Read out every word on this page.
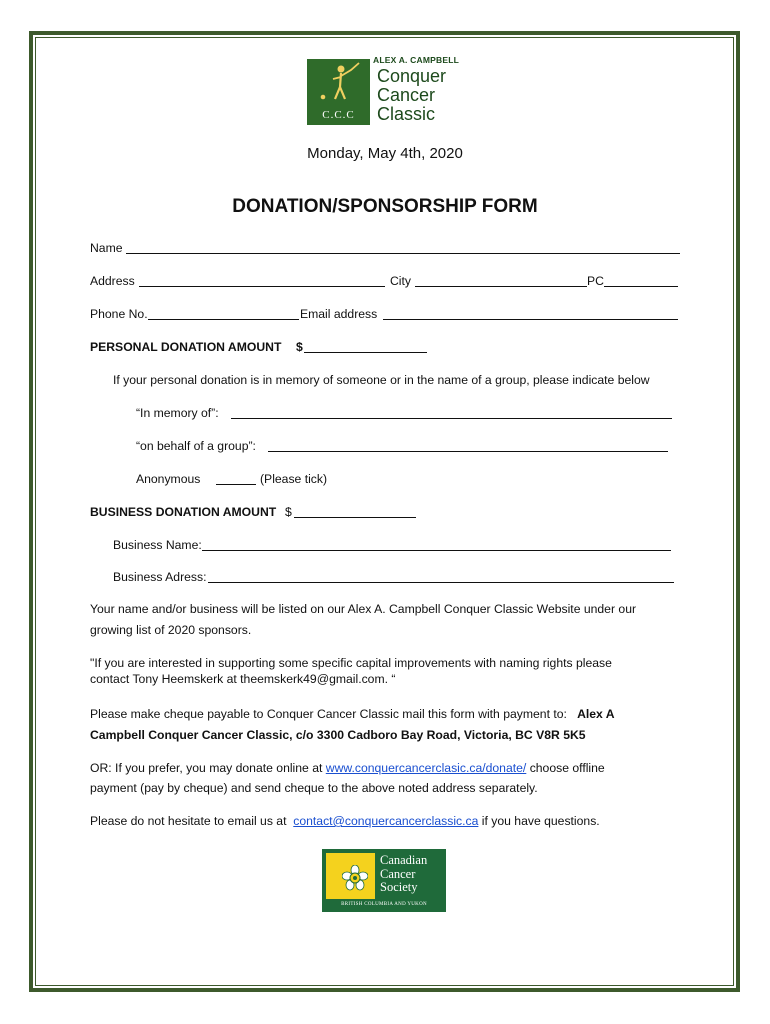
C.C.C
ALEX A. CAMPBELL
Conquer
Cancer
Classic
Monday, May 4th, 2020
DONATION/SPONSORSHIP FORM
Name
Address	City	PC
Phone No.	Email address
PERSONAL DONATION AMOUNT $
If your personal donation is in memory of someone or in the name of a group, please indicate below
“In memory of”:
“on behalf of a group”:
Anonymous	(Please tick)
BUSINESS DONATION AMOUNT $
Business Name:
Business Adress:
Your name and/or business will be listed on our Alex A. Campbell Conquer Classic Website under our
growing list of 2020 sponsors.
"If you are interested in supporting some specific capital improvements with naming rights please
contact Tony Heemskerk at theemskerk49@gmail.com. “
Please make cheque payable to Conquer Cancer Classic mail this form with payment to: Alex A
Campbell Conquer Cancer Classic, c/o 3300 Cadboro Bay Road, Victoria, BC V8R 5K5
OR: If you prefer, you may donate online at www.conquercancerclasic.ca/donate/ choose offline
payment (pay by cheque) and send cheque to the above noted address separately.
Please do not hesitate to email us at contact@conquercancerclassic.ca if you have questions.
Canadian
Cancer
Society
BRITISH COLUMBIA AND YUKON
